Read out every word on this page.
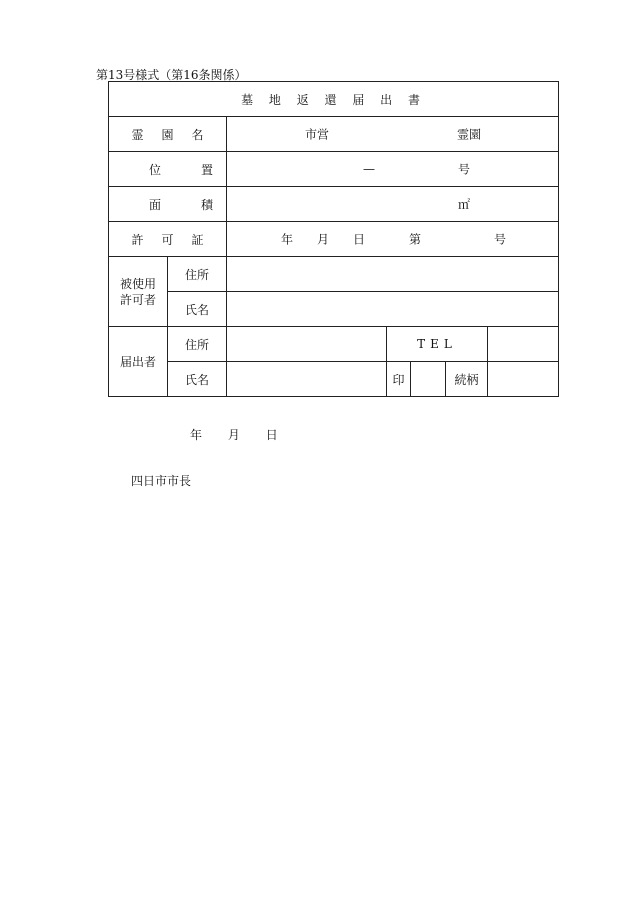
第13号様式（第16条関係）
墓 地 返 還 届 出 書						
霊園名		市営 霊園				

位置		— 号				

面積		㎡				

許可証		年 月 日 第 号				

被使用
許可者	住所					
	氏名					
届出者	住所		TEL			
	氏名		印		続柄	
年 月 日
四日市市長
